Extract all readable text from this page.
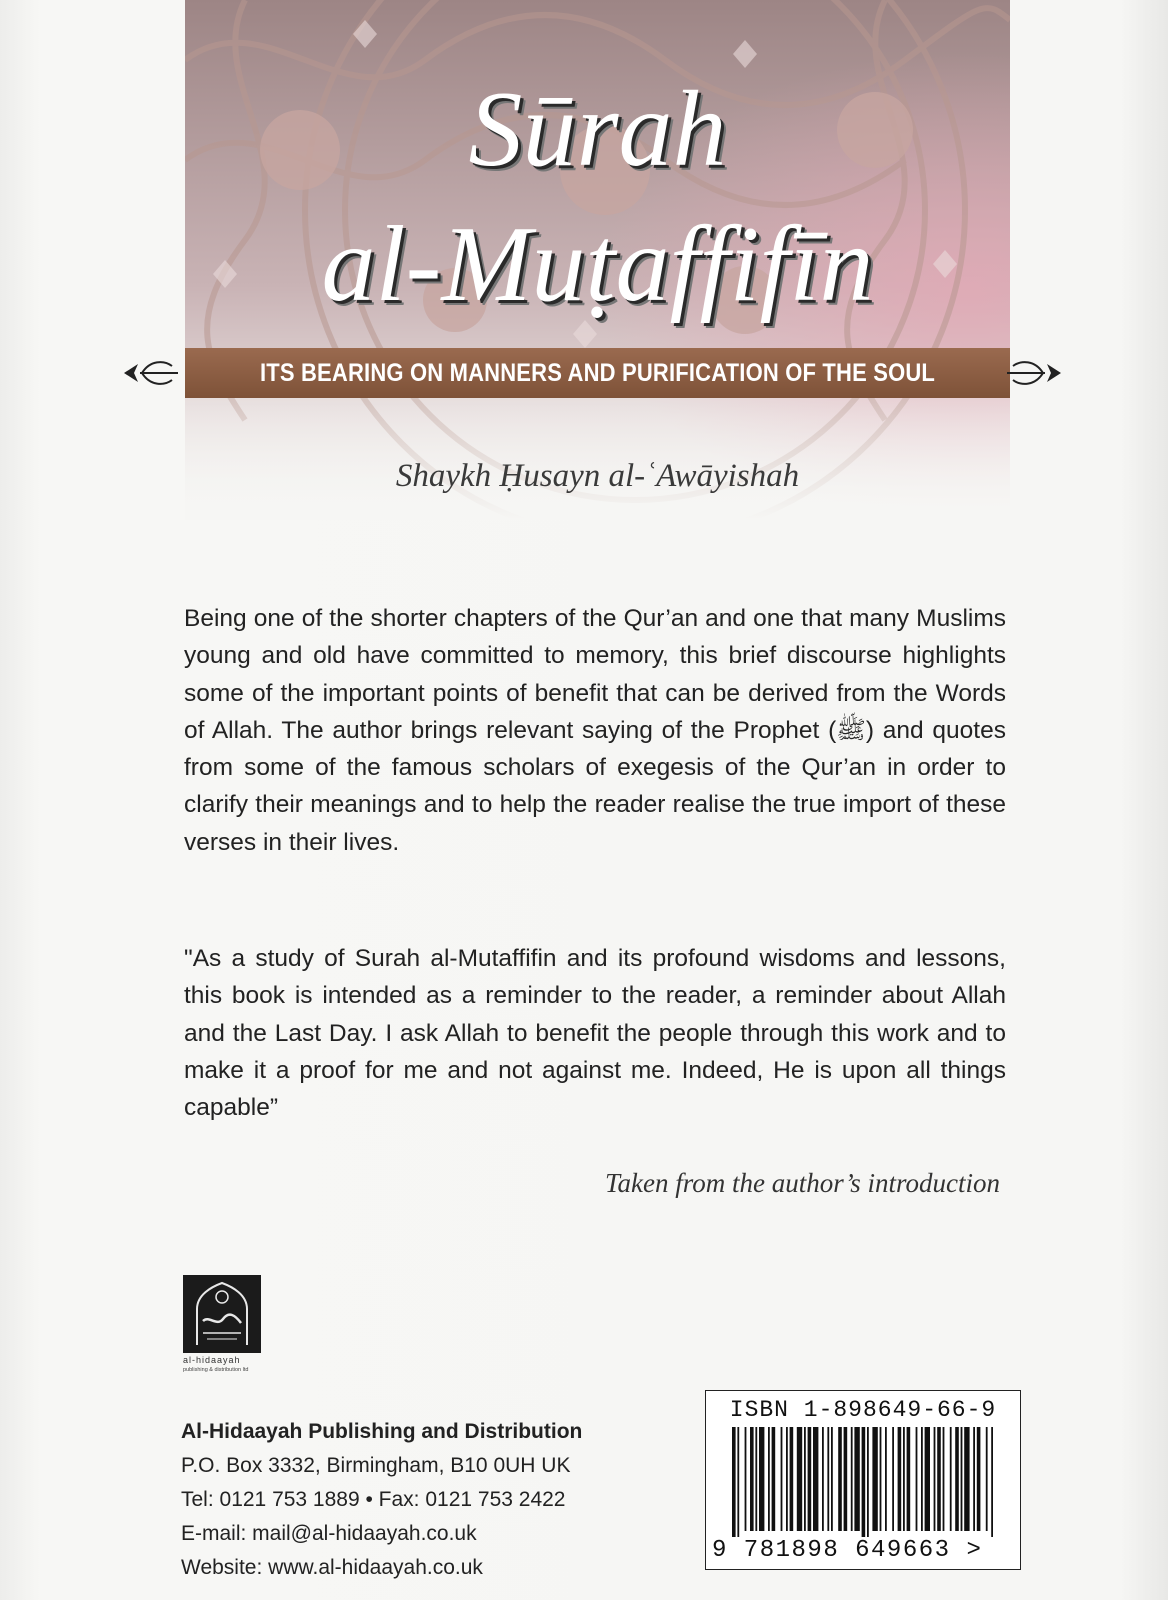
Sūrah
al-Muṭaffifīn
ITS BEARING ON MANNERS AND PURIFICATION OF THE SOUL
Shaykh Ḥusayn al-ʿAwāyishah

Being one of the shorter chapters of the Qur’an and one that many Muslims young and old have committed to memory, this brief discourse highlights some of the important points of benefit that can be derived from the Words of Allah. The author brings relevant saying of the Prophet (ﷺ) and quotes from some of the famous scholars of exegesis of the Qur’an in order to clarify their meanings and to help the reader realise the true import of these verses in their lives.

"As a study of Surah al-Mutaffifin and its profound wisdoms and lessons, this book is intended as a reminder to the reader, a reminder about Allah and the Last Day. I ask Allah to benefit the people through this work and to make it a proof for me and not against me. Indeed, He is upon all things capable”

Taken from the author’s introduction
al-hidaayah
publishing & distribution ltd
Al-Hidaayah Publishing and Distribution
P.O. Box 3332, Birmingham, B10 0UH UK
Tel: 0121 753 1889 • Fax: 0121 753 2422
E-mail: mail@al-hidaayah.co.uk
Website: www.al-hidaayah.co.uk
ISBN 1-898649-66-9
9 781898 649663 >
